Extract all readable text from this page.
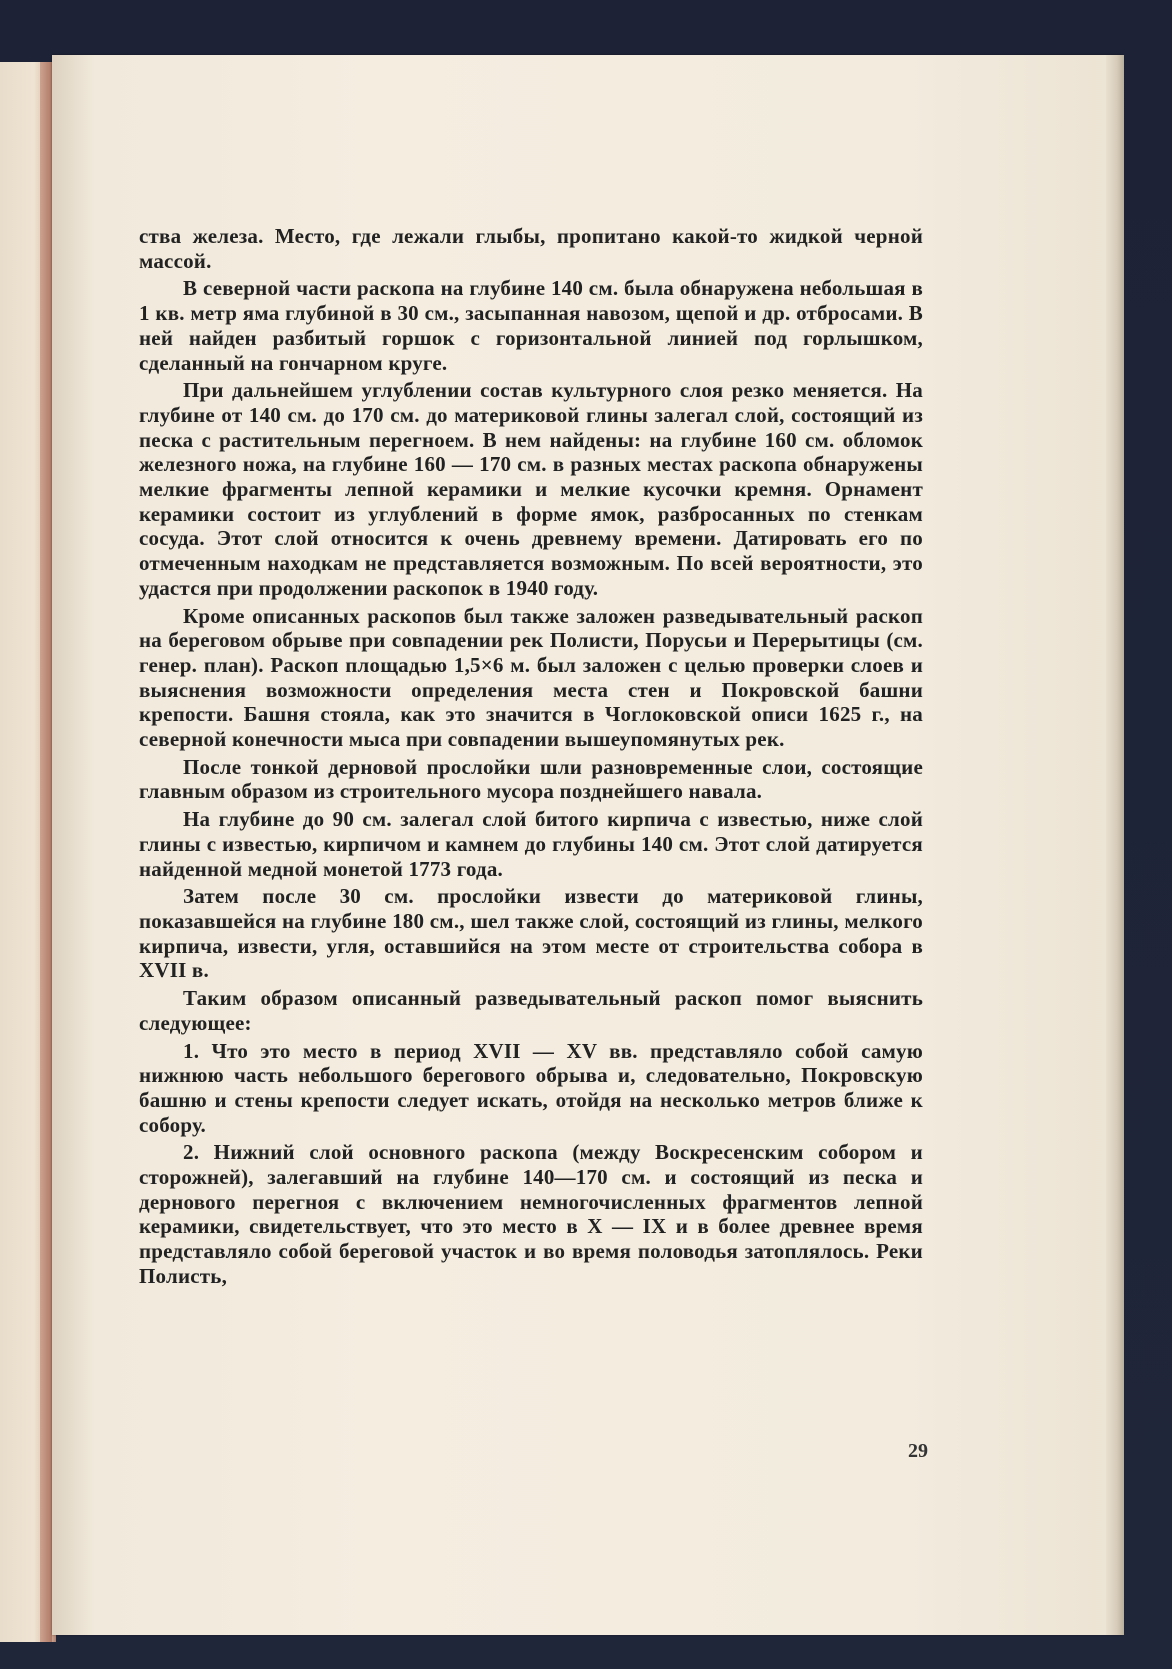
ства железа. Место, где лежали глыбы, пропитано какой-то жидкой черной массой.

В северной части раскопа на глубине 140 см. была обнаружена небольшая в 1 кв. метр яма глубиной в 30 см., засыпанная навозом, щепой и др. отбросами. В ней найден разбитый горшок с горизонтальной линией под горлышком, сделанный на гончарном круге.

При дальнейшем углублении состав культурного слоя резко меняется. На глубине от 140 см. до 170 см. до материковой глины залегал слой, состоящий из песка с растительным перегноем. В нем найдены: на глубине 160 см. обломок железного ножа, на глубине 160 — 170 см. в разных местах раскопа обнаружены мелкие фрагменты лепной керамики и мелкие кусочки кремня. Орнамент керамики состоит из углублений в форме ямок, разбросанных по стенкам сосуда. Этот слой относится к очень древнему времени. Датировать его по отмеченным находкам не представляется возможным. По всей вероятности, это удастся при продолжении раскопок в 1940 году.

Кроме описанных раскопов был также заложен разведывательный раскоп на береговом обрыве при совпадении рек Полисти, Порусьи и Перерытицы (см. генер. план). Раскоп площадью 1,5×6 м. был заложен с целью проверки слоев и выяснения возможности определения места стен и Покровской башни крепости. Башня стояла, как это значится в Чоглоковской описи 1625 г., на северной конечности мыса при совпадении вышеупомянутых рек.

После тонкой дерновой прослойки шли разновременные слои, состоящие главным образом из строительного мусора позднейшего навала.

На глубине до 90 см. залегал слой битого кирпича с известью, ниже слой глины с известью, кирпичом и камнем до глубины 140 см. Этот слой датируется найденной медной монетой 1773 года.

Затем после 30 см. прослойки извести до материковой глины, показавшейся на глубине 180 см., шел также слой, состоящий из глины, мелкого кирпича, извести, угля, оставшийся на этом месте от строительства собора в XVII в.

Таким образом описанный разведывательный раскоп помог выяснить следующее:

1. Что это место в период XVII — XV вв. представляло собой самую нижнюю часть небольшого берегового обрыва и, следовательно, Покровскую башню и стены крепости следует искать, отойдя на несколько метров ближе к собору.

2. Нижний слой основного раскопа (между Воскресенским собором и сторожней), залегавший на глубине 140—170 см. и состоящий из песка и дернового перегноя с включением немногочисленных фрагментов лепной керамики, свидетельствует, что это место в X — IX и в более древнее время представляло собой береговой участок и во время половодья затоплялось. Реки Полисть,

29
